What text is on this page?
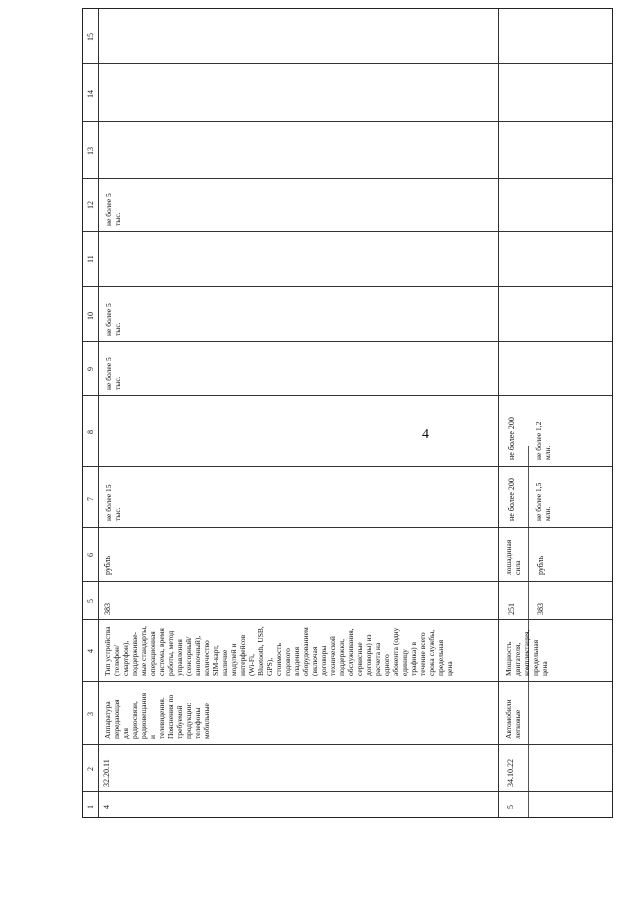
4
15
14
13
12
11
10
9
8
7
6
5
4
3
2
1 4
32.20.11
Аппаратура
передающая
для
радиосвязи,
радиовещания
и
телевидения.
Пояснения по
требуемой
продукции:
телефоны
мобильные
Тип устройства
(телефон/
смартфон),
поддерживае-
мые стандарты,
операционная
система, время
работы, метод
управления
(сенсорный/
кнопочный),
количество
SIM-карт,
наличие
модулей и
интерфейсов
(Wi-Fi,
Bluetooth, USB,
GPS),
стоимость
годового
владения
оборудованием
(включая
договоры
технической
поддержки,
обслуживания,
сервисные
договоры) из
расчета на
одного
абонента (одну
единицу
трафика) в
течение всего
срока службы,
предельная
цена
383
рубль
не более 15
тыс.
не более 5
тыс.
не более 5
тыс.
не более 5
тыс.
5
34.10.22
Автомобили
легковые
Мощность
двигателя,
комплектация,
предельная
цена
251
лошадиная
сила
не более 200
не более 200
383
рубль
не более 1,5
млн.
не более 1,2
млн.
